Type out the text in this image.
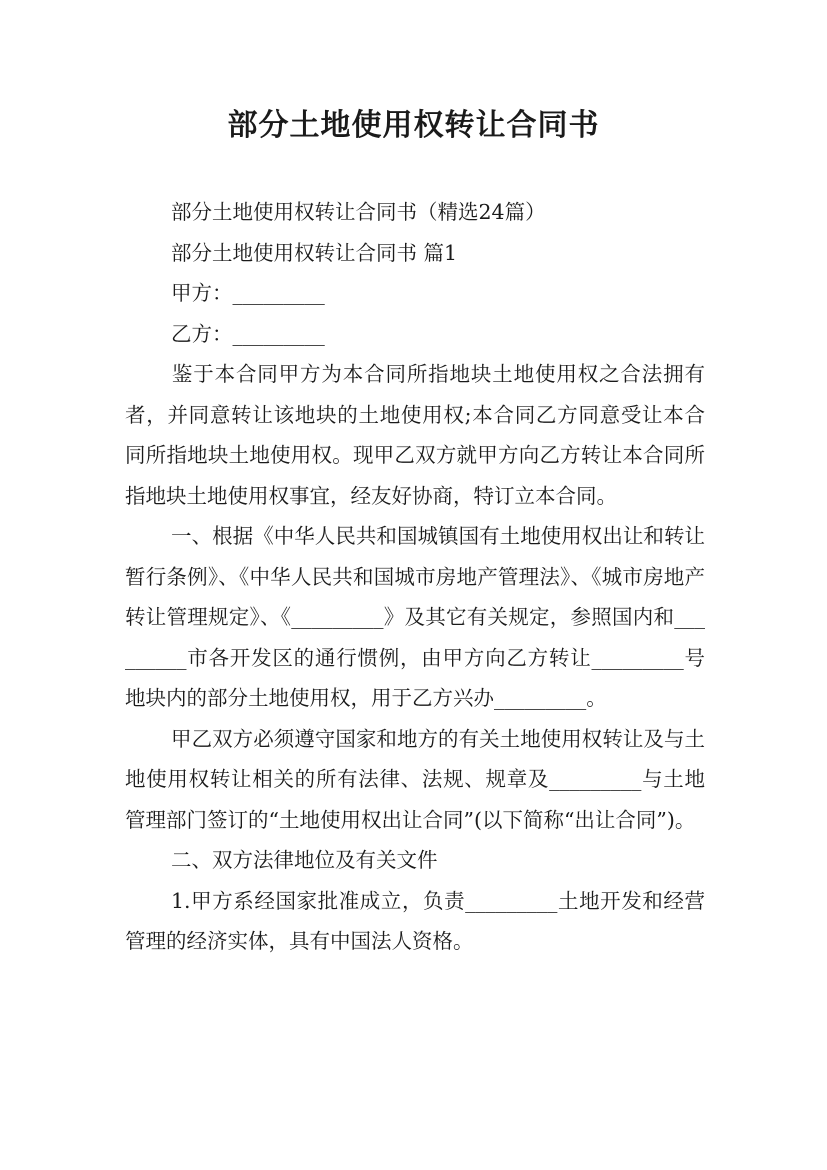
部分土地使用权转让合同书
部分土地使用权转让合同书（精选24篇）
部分土地使用权转让合同书 篇1
甲方：_________
乙方：_________
鉴于本合同甲方为本合同所指地块土地使用权之合法拥有者，并同意转让该地块的土地使用权;本合同乙方同意受让本合同所指地块土地使用权。现甲乙双方就甲方向乙方转让本合同所指地块土地使用权事宜，经友好协商，特订立本合同。
一、根据《中华人民共和国城镇国有土地使用权出让和转让暂行条例》、《中华人民共和国城市房地产管理法》、《城市房地产转让管理规定》、《_________》及其它有关规定，参照国内和_________市各开发区的通行惯例，由甲方向乙方转让_________号地块内的部分土地使用权，用于乙方兴办_________。
甲乙双方必须遵守国家和地方的有关土地使用权转让及与土地使用权转让相关的所有法律、法规、规章及_________与土地管理部门签订的“土地使用权出让合同”(以下简称“出让合同”)。
二、双方法律地位及有关文件
1.甲方系经国家批准成立，负责_________土地开发和经营管理的经济实体，具有中国法人资格。
